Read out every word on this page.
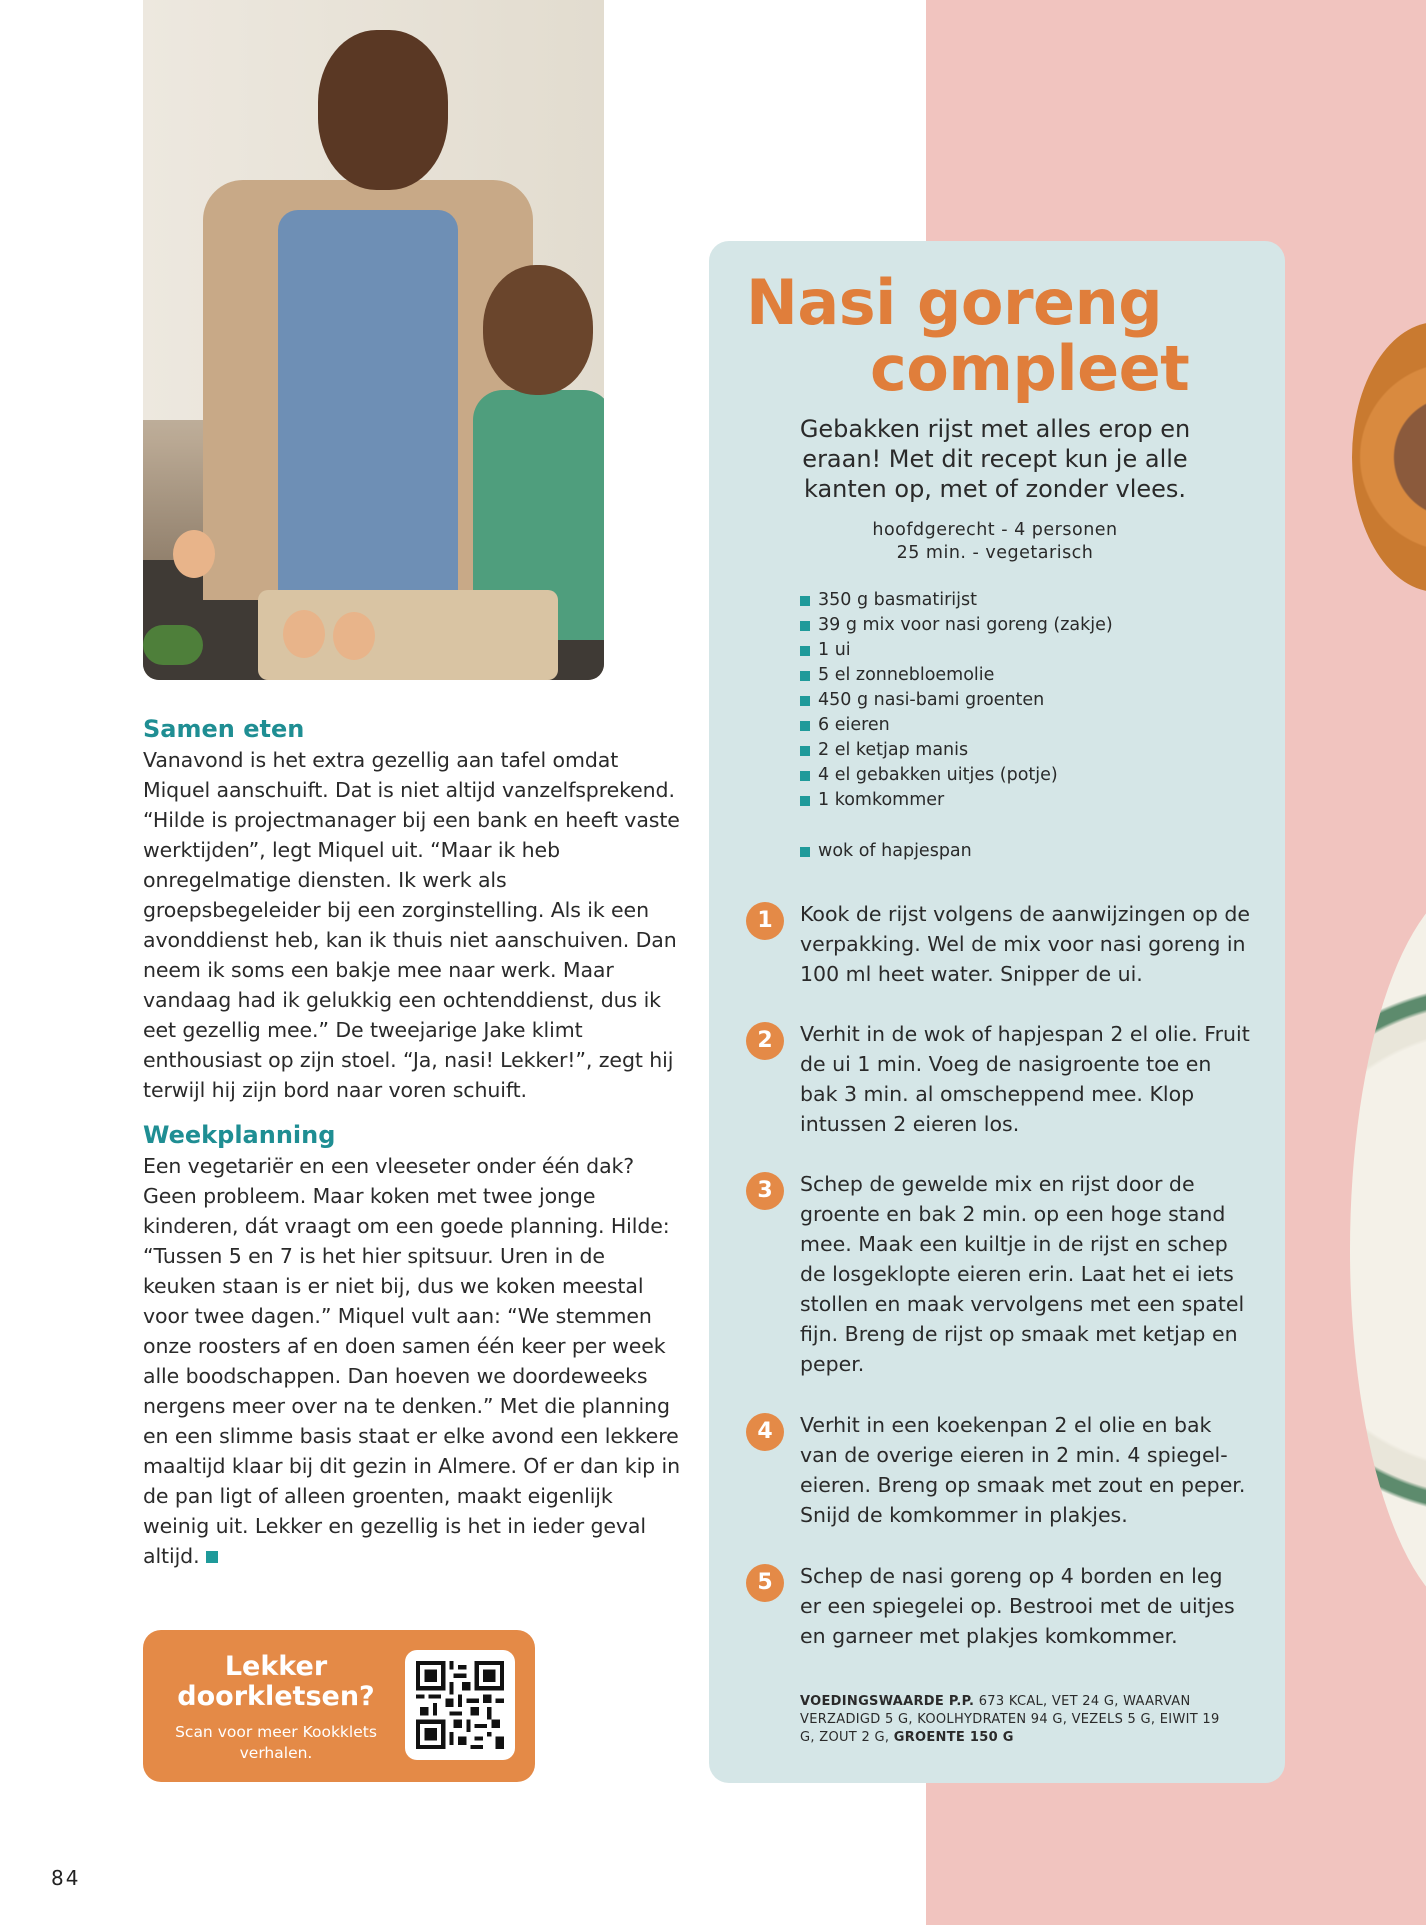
Samen eten

Vanavond is het extra gezellig aan tafel omdat Miquel aanschuift. Dat is niet altijd vanzelfsprekend. “Hilde is projectmanager bij een bank en heeft vaste werktijden”, legt Miquel uit. “Maar ik heb onregelmatige diensten. Ik werk als groepsbegeleider bij een zorginstelling. Als ik een avonddienst heb, kan ik thuis niet aanschuiven. Dan neem ik soms een bakje mee naar werk. Maar vandaag had ik gelukkig een ochtenddienst, dus ik eet gezellig mee.” De tweejarige Jake klimt enthousiast op zijn stoel. “Ja, nasi! Lekker!”, zegt hij terwijl hij zijn bord naar voren schuift.

Weekplanning

Een vegetariër en een vleeseter onder één dak? Geen probleem. Maar koken met twee jonge kinderen, dát vraagt om een goede planning. Hilde: “Tussen 5 en 7 is het hier spitsuur. Uren in de keuken staan is er niet bij, dus we koken meestal voor twee dagen.” Miquel vult aan: “We stemmen onze roosters af en doen samen één keer per week alle boodschappen. Dan hoeven we doordeweeks nergens meer over na te denken.” Met die planning en een slimme basis staat er elke avond een lekkere maaltijd klaar bij dit gezin in Almere. Of er dan kip in de pan ligt of alleen groenten, maakt eigenlijk weinig uit. Lekker en gezellig is het in ieder geval altijd.

Lekker doorkletsen?
Scan voor meer Kookklets verhalen.
84
Nasi goreng
compleet
Gebakken rijst met alles erop en eraan! Met dit recept kun je alle kanten op, met of zonder vlees.
hoofdgerecht - 4 personen
25 min. - vegetarisch
350 g basmatirijst
39 g mix voor nasi goreng (zakje)
1 ui
5 el zonnebloemolie
450 g nasi-bami groenten
6 eieren
2 el ketjap manis
4 el gebakken uitjes (potje)
1 komkommer
wok of hapjespan
1	Kook de rijst volgens de aanwijzingen op de verpakking. Wel de mix voor nasi goreng in 100 ml heet water. Snipper de ui.
2	Verhit in de wok of hapjespan 2 el olie. Fruit de ui 1 min. Voeg de nasigroente toe en bak 3 min. al omscheppend mee. Klop intussen 2 eieren los.
3	Schep de gewelde mix en rijst door de groente en bak 2 min. op een hoge stand mee. Maak een kuiltje in de rijst en schep de losgeklopte eieren erin. Laat het ei iets stollen en maak vervolgens met een spatel fijn. Breng de rijst op smaak met ketjap en peper.
4	Verhit in een koekenpan 2 el olie en bak van de overige eieren in 2 min. 4 spiegel-eieren. Breng op smaak met zout en peper. Snijd de komkommer in plakjes.
5	Schep de nasi goreng op 4 borden en leg er een spiegelei op. Bestrooi met de uitjes en garneer met plakjes komkommer.
VOEDINGSWAARDE P.P. 673 KCAL, VET 24 G, WAARVAN VERZADIGD 5 G, KOOLHYDRATEN 94 G, VEZELS 5 G, EIWIT 19 G, ZOUT 2 G, GROENTE 150 G
